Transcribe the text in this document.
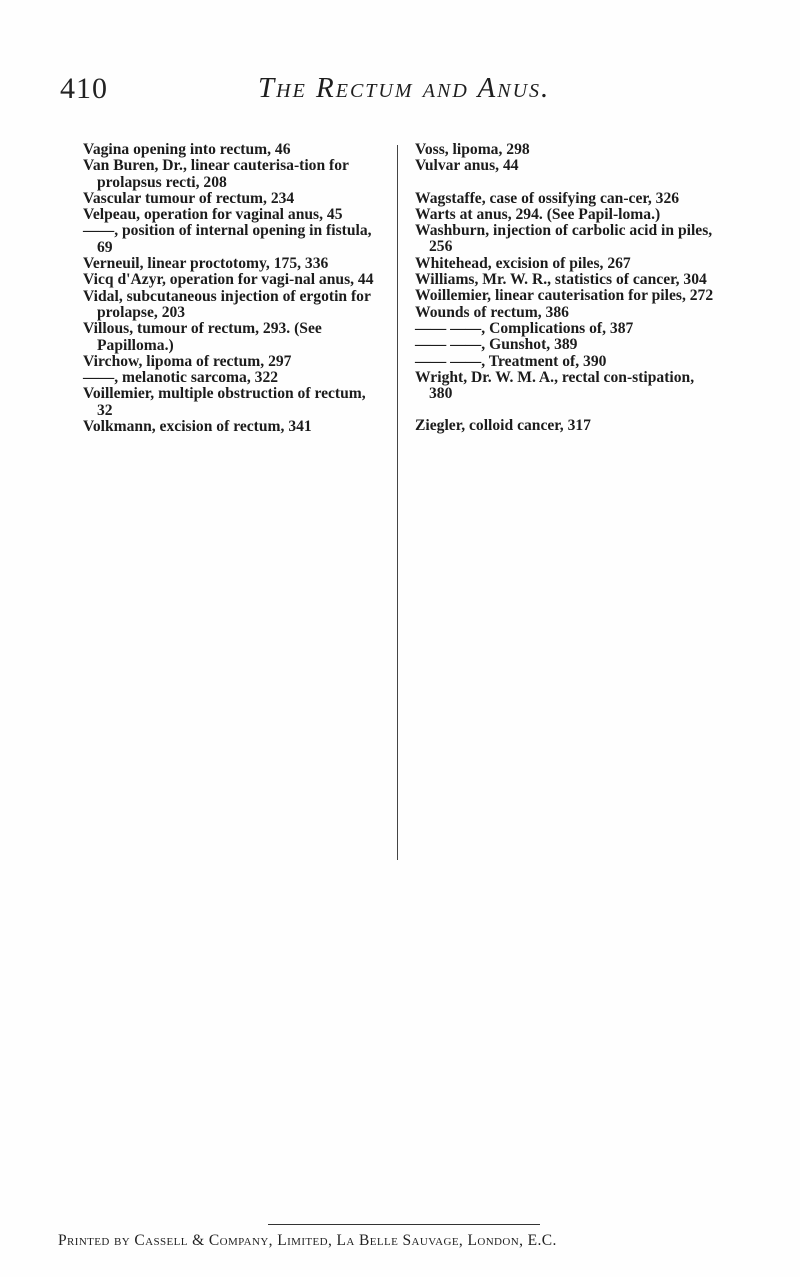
410	The Rectum and Anus.
Vagina opening into rectum, 46
Van Buren, Dr., linear cauterisa-tion for prolapsus recti, 208
Vascular tumour of rectum, 234
Velpeau, operation for vaginal anus, 45
——, position of internal opening in fistula, 69
Verneuil, linear proctotomy, 175, 336
Vicq d'Azyr, operation for vagi-nal anus, 44
Vidal, subcutaneous injection of ergotin for prolapse, 203
Villous, tumour of rectum, 293. (See Papilloma.)
Virchow, lipoma of rectum, 297
——, melanotic sarcoma, 322
Voillemier, multiple obstruction of rectum, 32
Volkmann, excision of rectum, 341
Voss, lipoma, 298
Vulvar anus, 44
Wagstaffe, case of ossifying can-cer, 326
Warts at anus, 294. (See Papil-loma.)
Washburn, injection of carbolic acid in piles, 256
Whitehead, excision of piles, 267
Williams, Mr. W. R., statistics of cancer, 304
Woillemier, linear cauterisation for piles, 272
Wounds of rectum, 386
—— ——, Complications of, 387
—— ——, Gunshot, 389
—— ——, Treatment of, 390
Wright, Dr. W. M. A., rectal con-stipation, 380
Ziegler, colloid cancer, 317
Printed by Cassell & Company, Limited, La Belle Sauvage, London, E.C.
